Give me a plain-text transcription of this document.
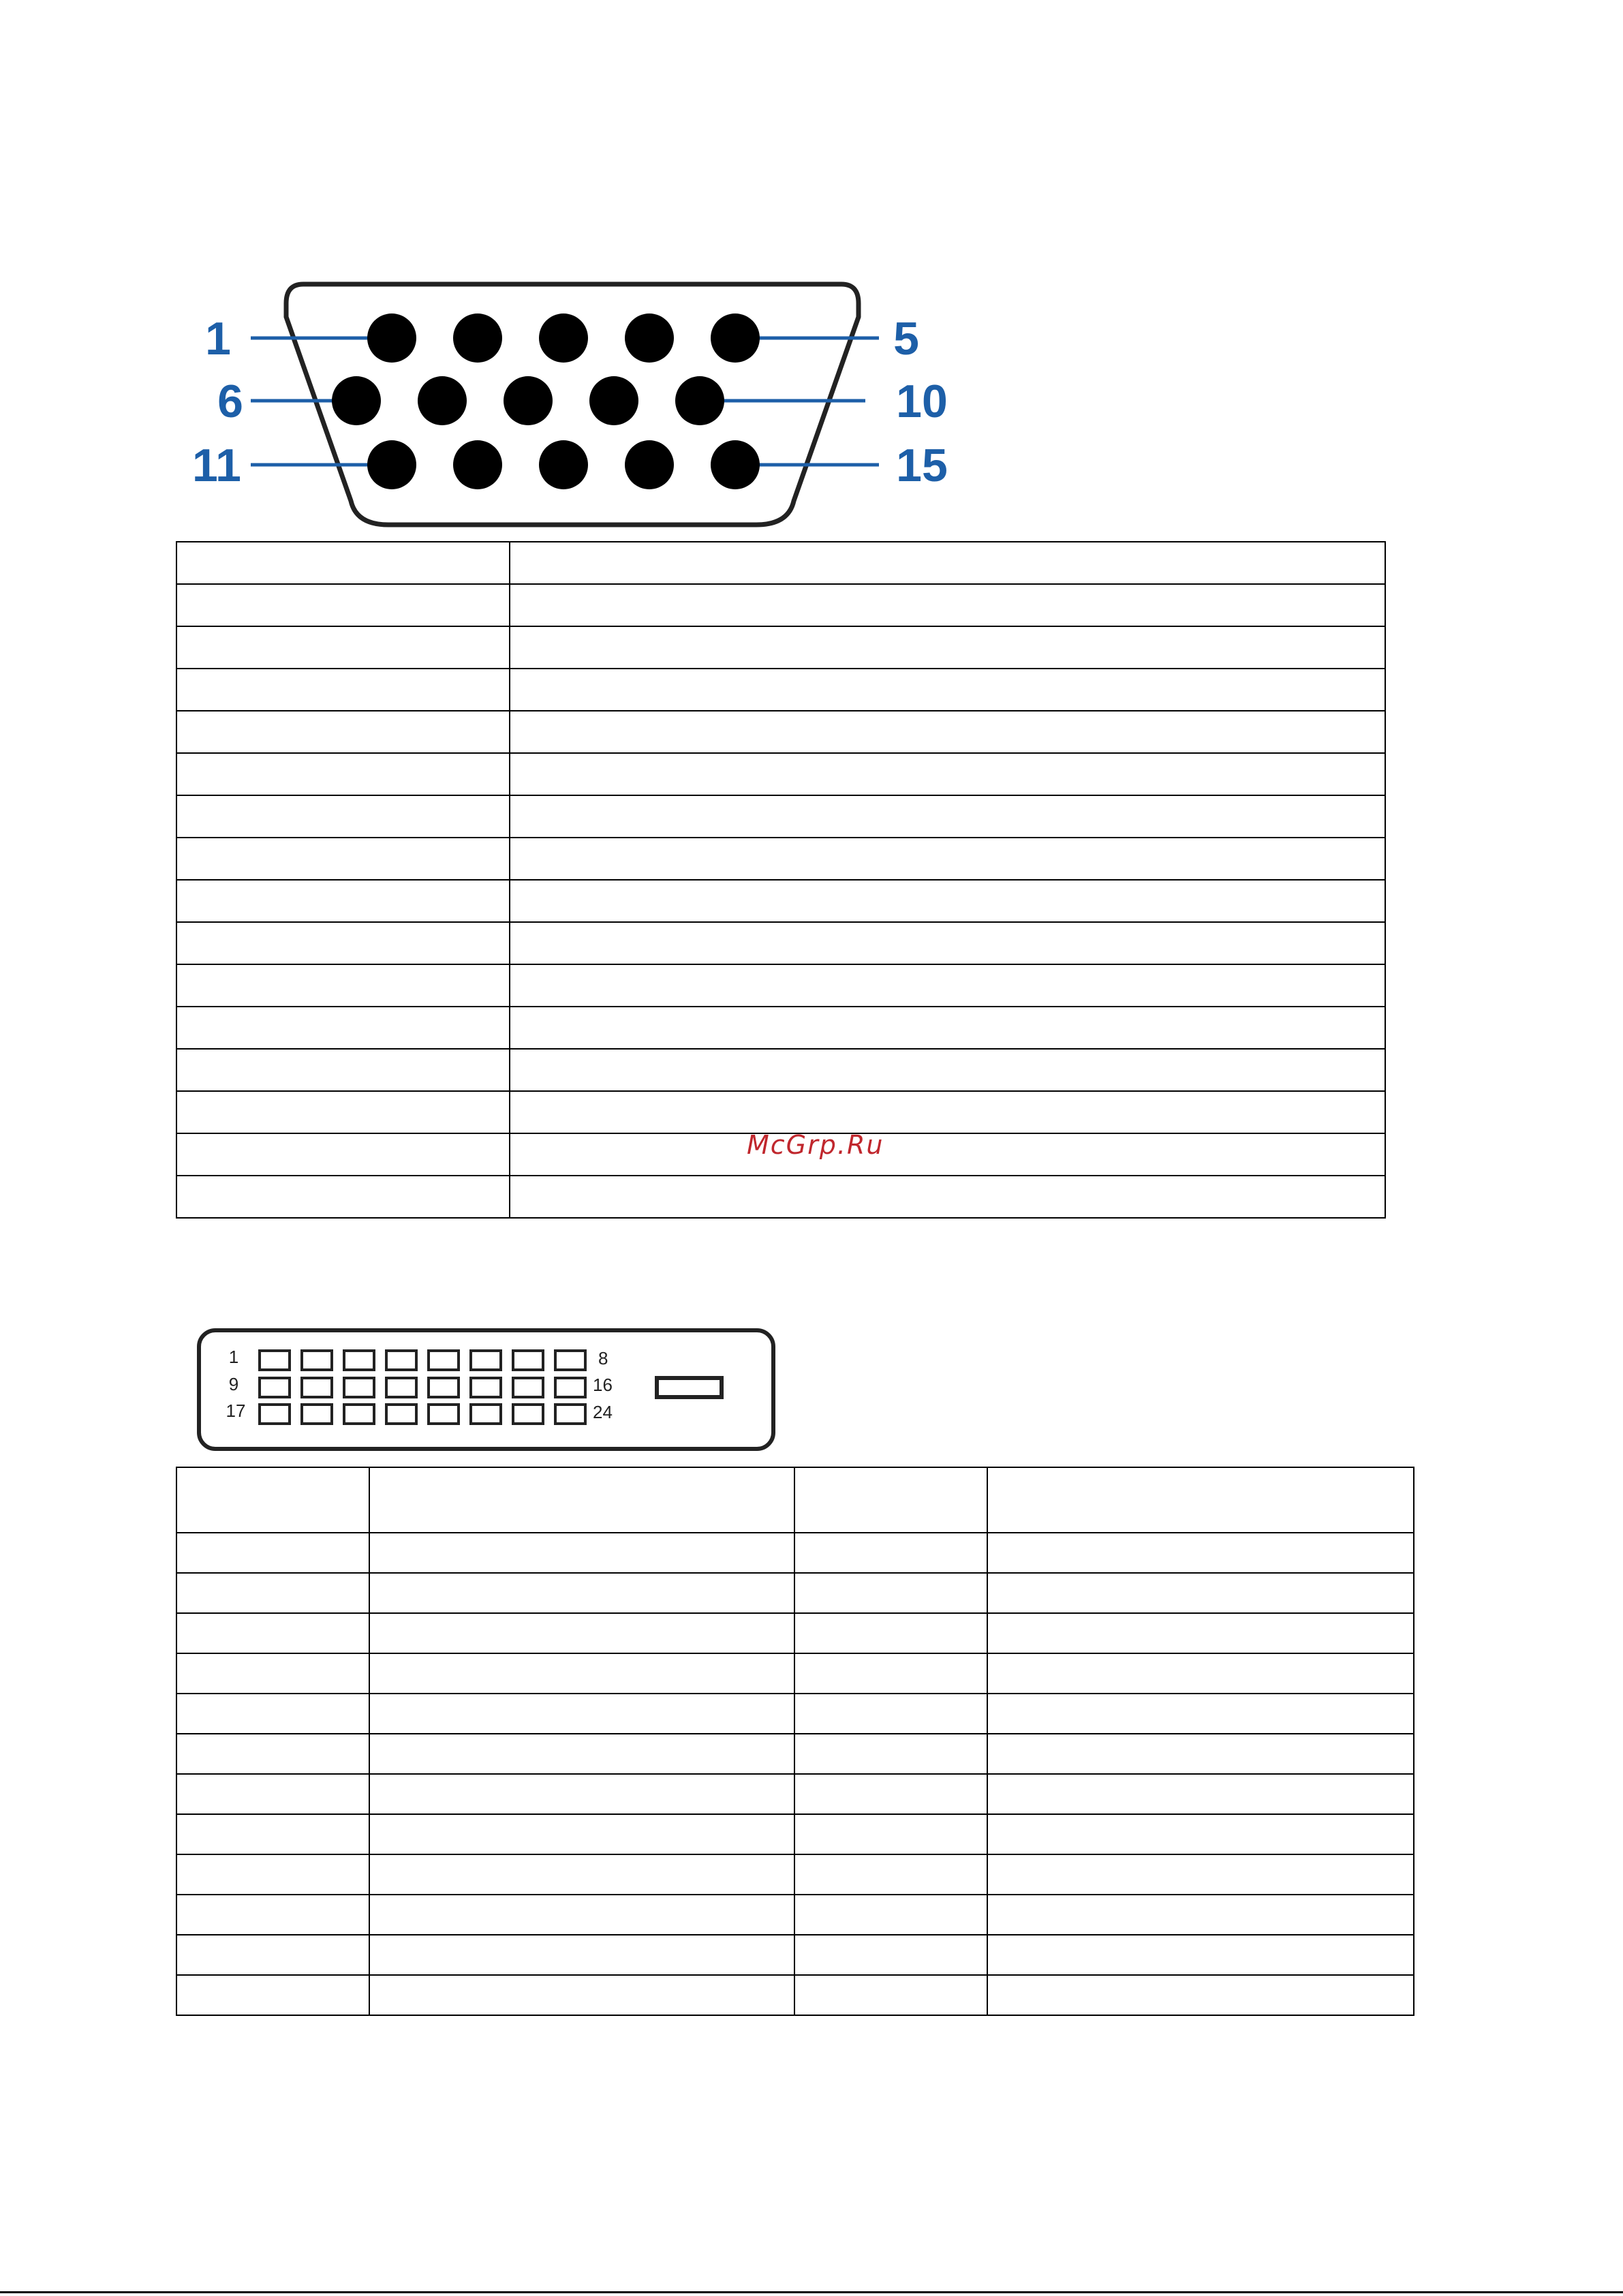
1	5
6	10
11	15

McGrp.Ru
1	8
9	16
17	24
